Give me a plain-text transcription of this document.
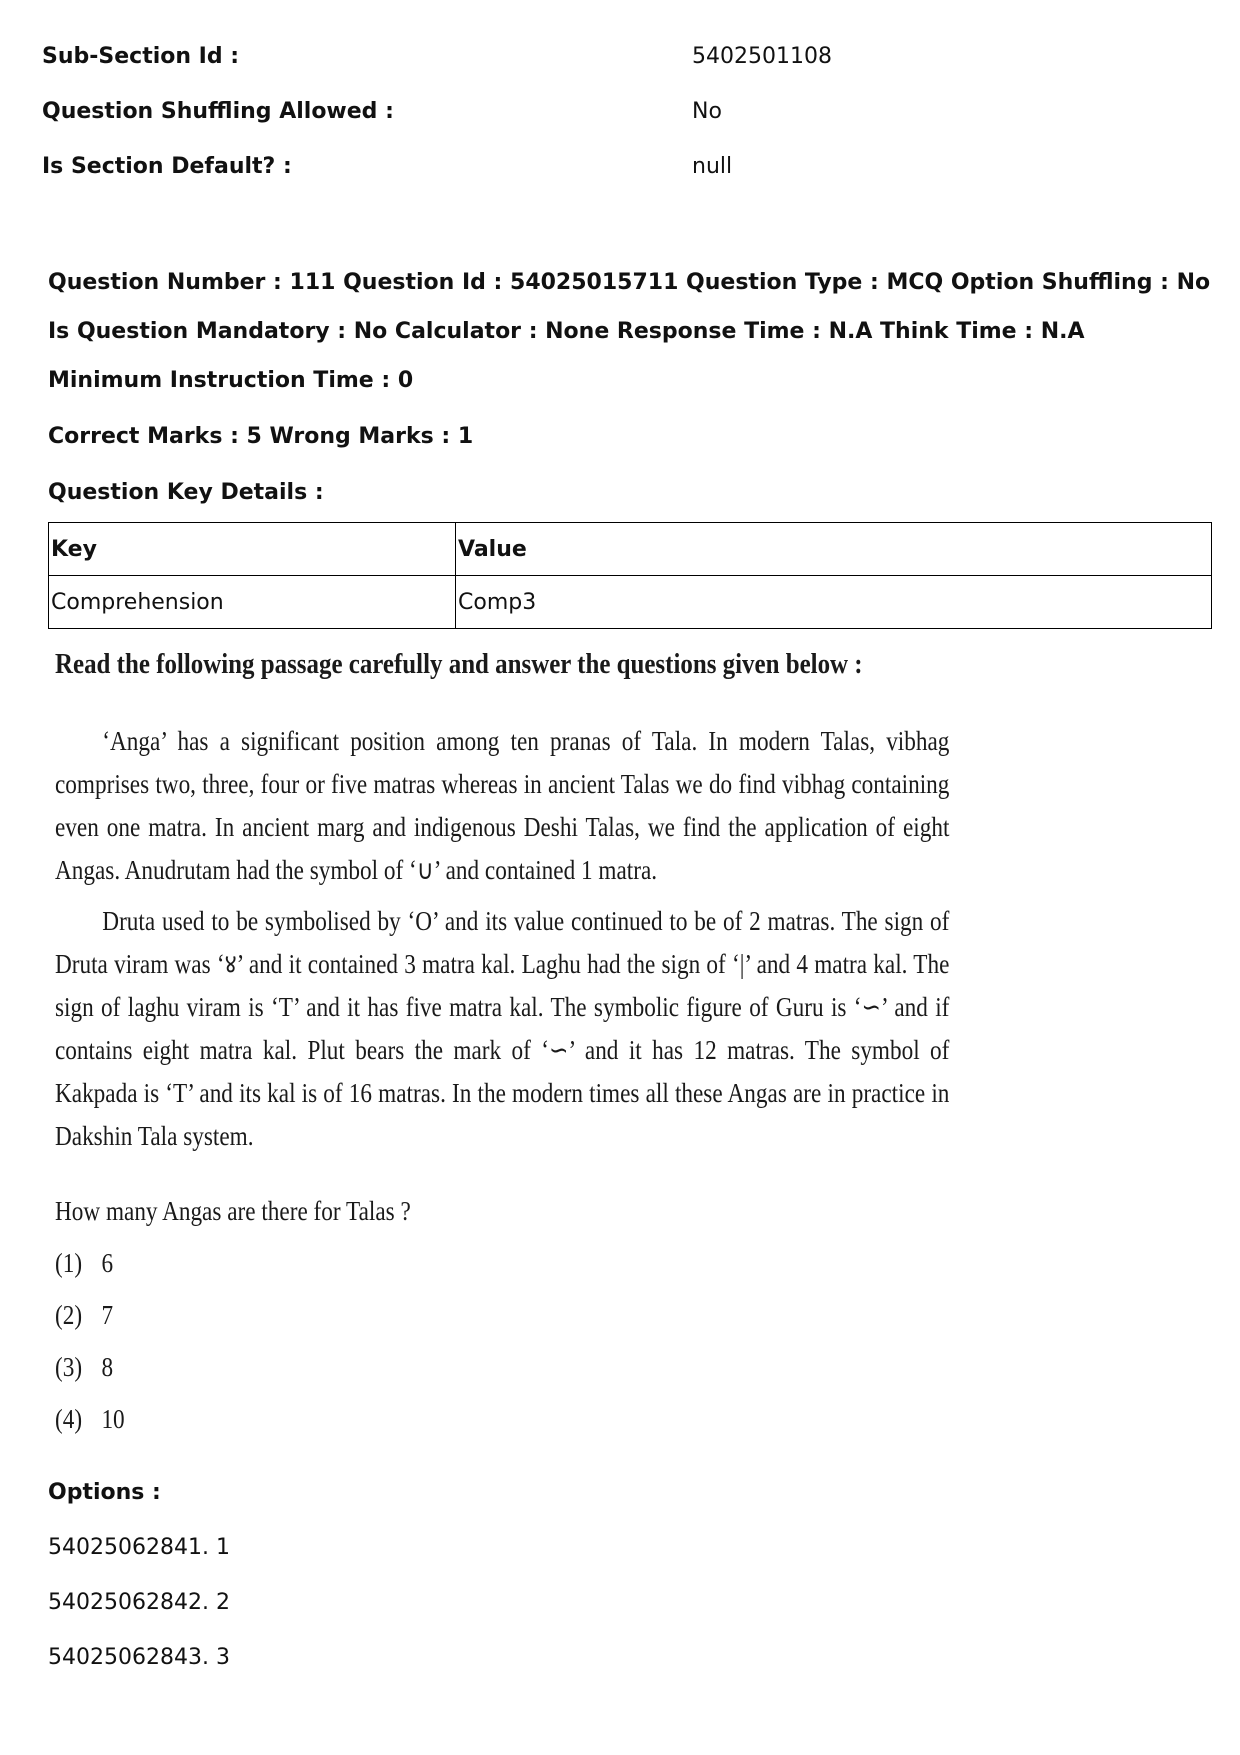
Sub-Section Id :	5402501108
Question Shuffling Allowed :	No
Is Section Default? :	null
Question Number : 111 Question Id : 54025015711 Question Type : MCQ Option Shuffling : No
Is Question Mandatory : No Calculator : None Response Time : N.A Think Time : N.A
Minimum Instruction Time : 0
Correct Marks : 5 Wrong Marks : 1
Question Key Details :
Key	Value
Comprehension	Comp3
Read the following passage carefully and answer the questions given below :

‘Anga’ has a significant position among ten pranas of Tala. In modern Talas, vibhag comprises two, three, four or five matras whereas in ancient Talas we do find vibhag containing even one matra. In ancient marg and indigenous Deshi Talas, we find the application of eight Angas. Anudrutam had the symbol of ‘∪’ and contained 1 matra.

Druta used to be symbolised by ‘O’ and its value continued to be of 2 matras. The sign of Druta viram was ‘४’ and it contained 3 matra kal. Laghu had the sign of ‘|’ and 4 matra kal. The sign of laghu viram is ‘T’ and it has five matra kal. The symbolic figure of Guru is ‘∽’ and if contains eight matra kal. Plut bears the mark of ‘∽’ and it has 12 matras. The symbol of Kakpada is ‘T’ and its kal is of 16 matras. In the modern times all these Angas are in practice in Dakshin Tala system.

How many Angas are there for Talas ?
(1) 6
(2) 7
(3) 8
(4) 10
Options :
54025062841. 1
54025062842. 2
54025062843. 3
